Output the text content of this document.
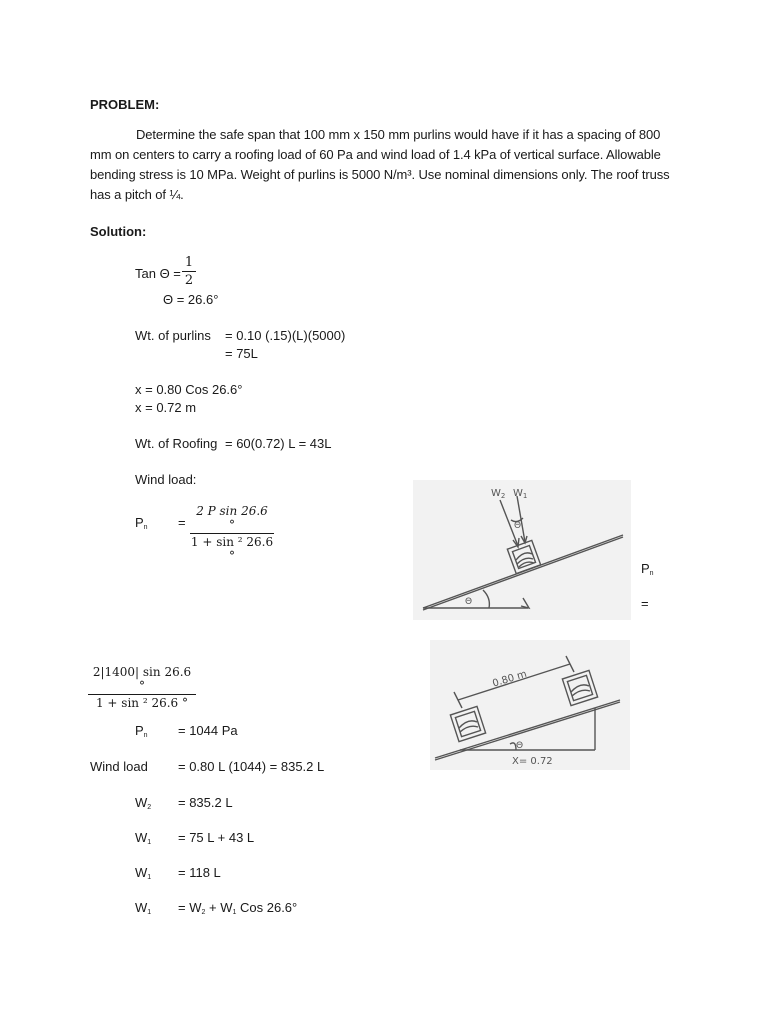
PROBLEM:
Determine the safe span that 100 mm x 150 mm purlins would have if it has a spacing of 800 mm on centers to carry a roofing load of 60 Pa and wind load of 1.4 kPa of vertical surface. Allowable bending stress is 10 MPa. Weight of purlins is 5000 N/m³. Use nominal dimensions only. The roof truss has a pitch of ¼.
Solution:
Tan Θ =
1
2
Θ = 26.6°
Wt. of purlins = 0.10 (.15)(L)(5000)
= 75L
x = 0.80 Cos 26.6°
x = 0.72 m
Wt. of Roofing = 60(0.72) L = 43L
Wind load:
$P_n$ =
2 P sin 26.6 °
1 + sin ² 26.6 °
$P_n$
=
2|1400| sin 26.6 °
1 + sin ² 26.6 °
$P_n = 1044$ Pa
Wind load = 0.80 L (1044) = 835.2 L
$W_2 = 835.2$ L
$W_1 = 75$ L + 43 L
$W_1 = 118$ L
$W_1 = W_2 + W_1$ Cos 26.6°
$W_2$ $W_1$
Θ
Θ
0.80 m
Θ
X= 0.72
